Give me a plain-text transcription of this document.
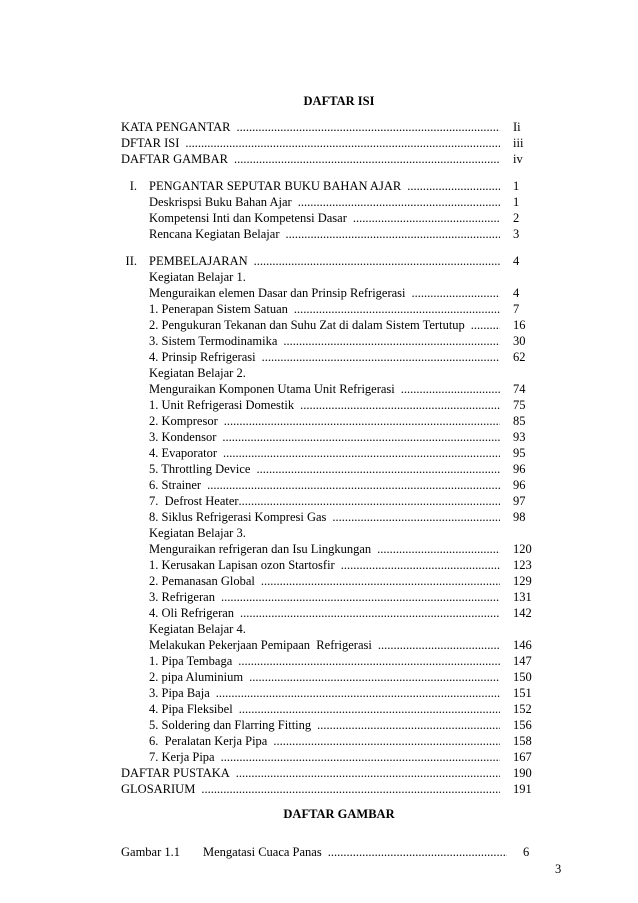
DAFTAR ISI
KATA PENGANTAR .....	Ii
DFTAR ISI .....	iii
DAFTAR GAMBAR .....	iv
I. PENGANTAR SEPUTAR BUKU BAHAN AJAR .....	1
Deskrispsi Buku Bahan Ajar .....	1
Kompetensi Inti dan Kompetensi Dasar .....	2
Rencana Kegiatan Belajar .....	3
II. PEMBELAJARAN .....	4
Kegiatan Belajar 1.
Menguraikan elemen Dasar dan Prinsip Refrigerasi .....	4
1. Penerapan Sistem Satuan .....	7
2. Pengukuran Tekanan dan Suhu Zat di dalam Sistem Tertutup .....	16
3. Sistem Termodinamika .....	30
4. Prinsip Refrigerasi .....	62
Kegiatan Belajar 2.
Menguraikan Komponen Utama Unit Refrigerasi .....	74
1. Unit Refrigerasi Domestik .....	75
2. Kompresor .....	85
3. Kondensor .....	93
4. Evaporator .....	95
5. Throttling Device .....	96
6. Strainer .....	96
7.  Defrost Heater .....	97
8. Siklus Refrigerasi Kompresi Gas .....	98
Kegiatan Belajar 3.
Menguraikan refrigeran dan Isu Lingkungan .....	120
1. Kerusakan Lapisan ozon Startosfir .....	123
2. Pemanasan Global .....	129
3. Refrigeran .....	131
4. Oli Refrigeran .....	142
Kegiatan Belajar 4.
Melakukan Pekerjaan Pemipaan  Refrigerasi .....	146
1. Pipa Tembaga .....	147
2. pipa Aluminium .....	150
3. Pipa Baja .....	151
4. Pipa Fleksibel .....	152
5. Soldering dan Flarring Fitting .....	156
6.  Peralatan Kerja Pipa .....	158
7. Kerja Pipa .....	167
DAFTAR PUSTAKA .....	190
GLOSARIUM .....	191
DAFTAR GAMBAR
Gambar 1.1	Mengatasi Cuaca Panas .....	6
3
